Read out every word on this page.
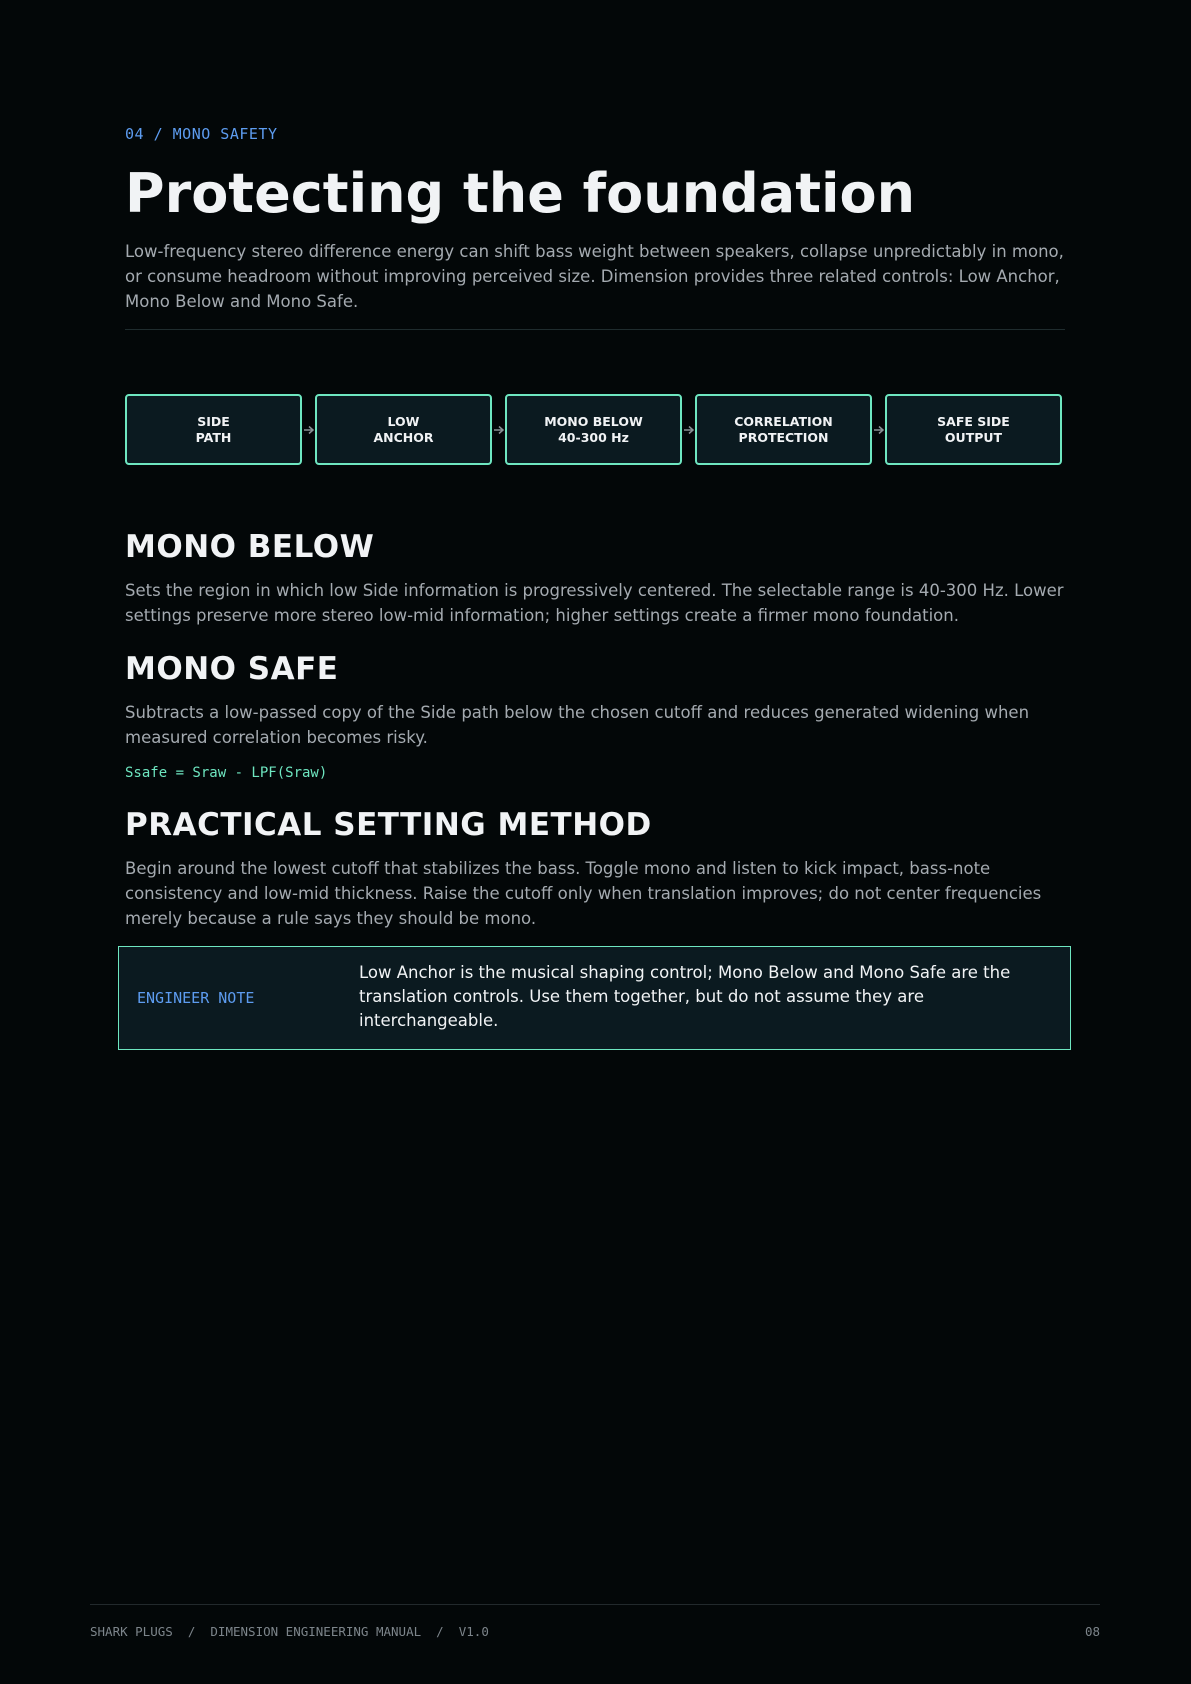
04 / MONO SAFETY
Protecting the foundation

Low-frequency stereo difference energy can shift bass weight between speakers, collapse unpredictably in mono, or consume headroom without improving perceived size. Dimension provides three related controls: Low Anchor, Mono Below and Mono Safe.

SIDE
PATH
LOW
ANCHOR
MONO BELOW
40-300 Hz
CORRELATION
PROTECTION
SAFE SIDE
OUTPUT
MONO BELOW

Sets the region in which low Side information is progressively centered. The selectable range is 40-300 Hz. Lower settings preserve more stereo low-mid information; higher settings create a firmer mono foundation.

MONO SAFE

Subtracts a low-passed copy of the Side path below the chosen cutoff and reduces generated widening when measured correlation becomes risky.

Ssafe = Sraw - LPF(Sraw)
PRACTICAL SETTING METHOD

Begin around the lowest cutoff that stabilizes the bass. Toggle mono and listen to kick impact, bass-note consistency and low-mid thickness. Raise the cutoff only when translation improves; do not center frequencies merely because a rule says they should be mono.

ENGINEER NOTE

Low Anchor is the musical shaping control; Mono Below and Mono Safe are the translation controls. Use them together, but do not assume they are interchangeable.

SHARK PLUGS  /  DIMENSION ENGINEERING MANUAL  /  V1.0	08
